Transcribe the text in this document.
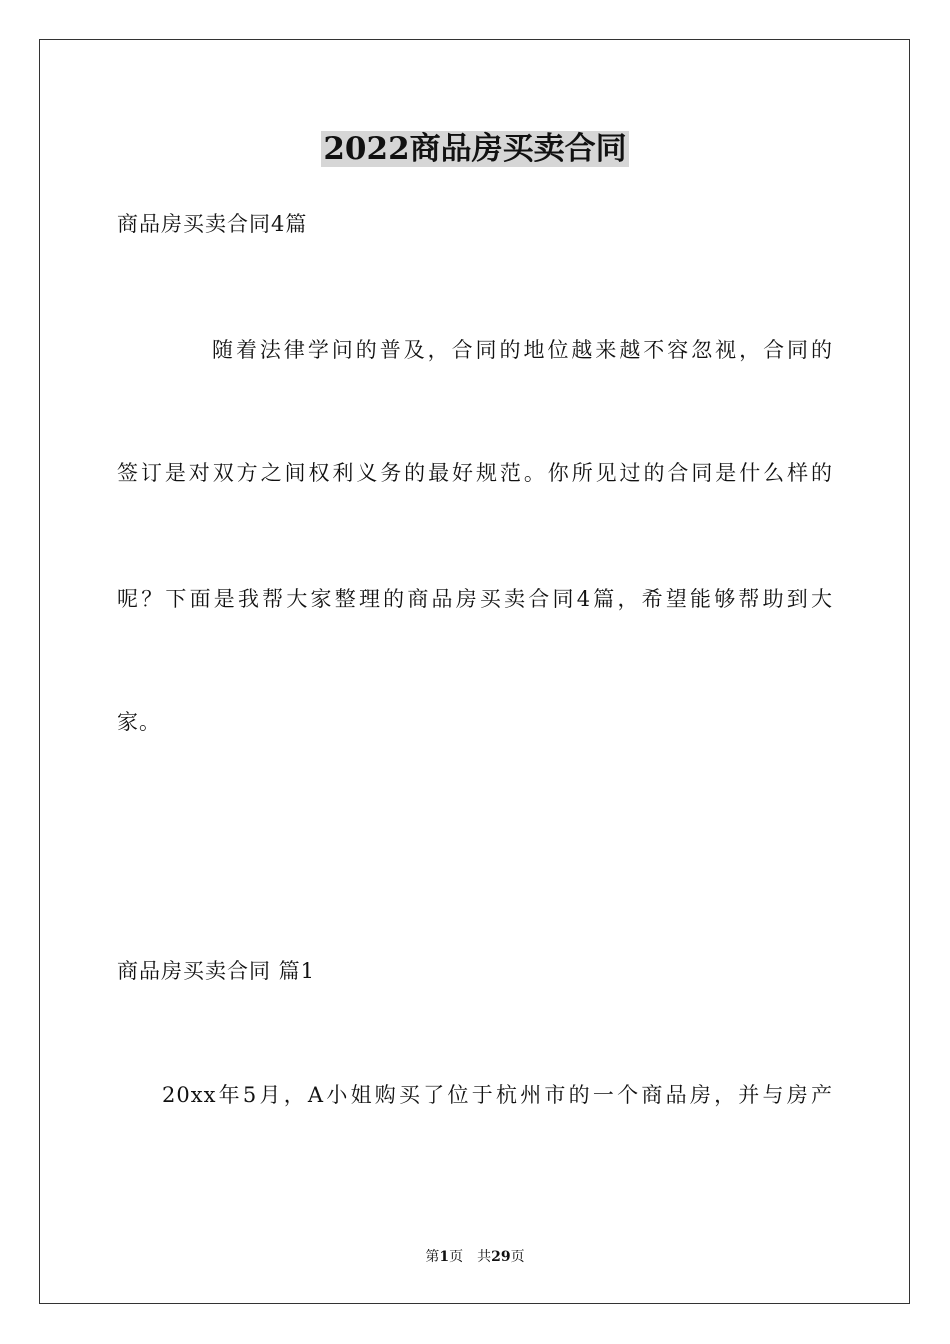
2022商品房买卖合同
商品房买卖合同4篇
随着法律学问的普及，合同的地位越来越不容忽视，合同的
签订是对双方之间权利义务的最好规范。你所见过的合同是什么样的
呢？下面是我帮大家整理的商品房买卖合同4篇，希望能够帮助到大
家。
商品房买卖合同 篇1
20xx年5月，A小姐购买了位于杭州市的一个商品房，并与房产
第1页 共29页
